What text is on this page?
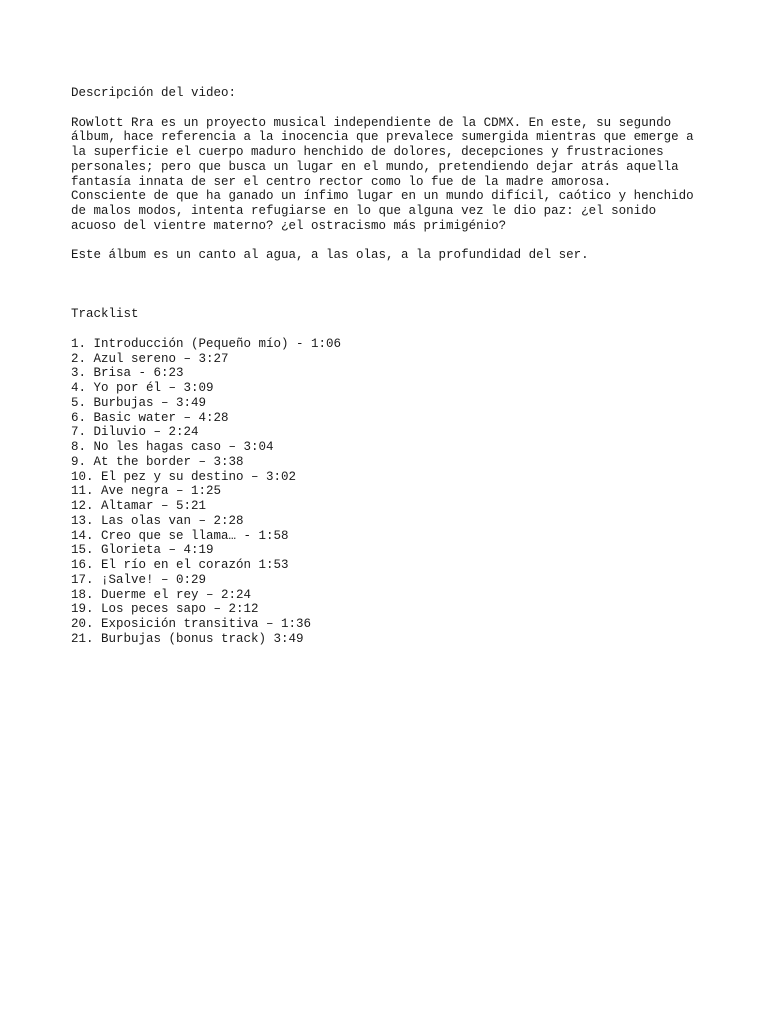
Descripción del video:
Rowlott Rra es un proyecto musical independiente de la CDMX. En este, su segundo
álbum, hace referencia a la inocencia que prevalece sumergida mientras que emerge a
la superficie el cuerpo maduro henchido de dolores, decepciones y frustraciones
personales; pero que busca un lugar en el mundo, pretendiendo dejar atrás aquella
fantasía innata de ser el centro rector como lo fue de la madre amorosa.
Consciente de que ha ganado un ínfimo lugar en un mundo difícil, caótico y henchido
de malos modos, intenta refugiarse en lo que alguna vez le dio paz: ¿el sonido
acuoso del vientre materno? ¿el ostracismo más primigénio?
Este álbum es un canto al agua, a las olas, a la profundidad del ser.
Tracklist
1. Introducción (Pequeño mío) - 1:06
2. Azul sereno – 3:27
3. Brisa - 6:23
4. Yo por él – 3:09
5. Burbujas – 3:49
6. Basic water – 4:28
7. Diluvio – 2:24
8. No les hagas caso – 3:04
9. At the border – 3:38
10. El pez y su destino – 3:02
11. Ave negra – 1:25
12. Altamar – 5:21
13. Las olas van – 2:28
14. Creo que se llama… - 1:58
15. Glorieta – 4:19
16. El río en el corazón 1:53
17. ¡Salve! – 0:29
18. Duerme el rey – 2:24
19. Los peces sapo – 2:12
20. Exposición transitiva – 1:36
21. Burbujas (bonus track) 3:49
